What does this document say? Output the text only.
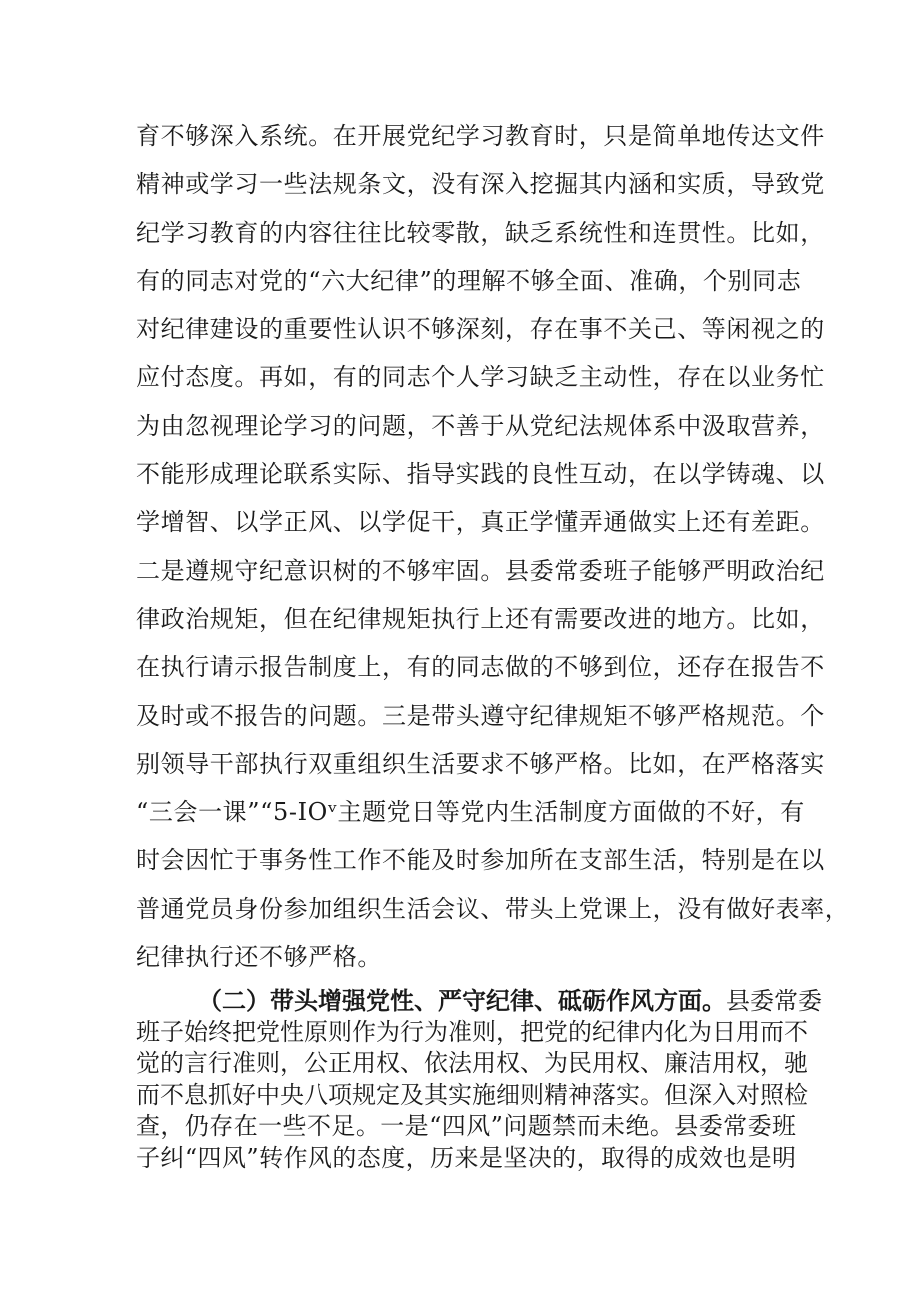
育不够深入系统。在开展党纪学习教育时，只是简单地传达文件
精神或学习一些法规条文，没有深入挖掘其内涵和实质，导致党
纪学习教育的内容往往比较零散，缺乏系统性和连贯性。比如，
有的同志对党的“六大纪律”的理解不够全面、准确，个别同志
对纪律建设的重要性认识不够深刻，存在事不关己、等闲视之的
应付态度。再如，有的同志个人学习缺乏主动性，存在以业务忙
为由忽视理论学习的问题，不善于从党纪法规体系中汲取营养，
不能形成理论联系实际、指导实践的良性互动，在以学铸魂、以
学增智、以学正风、以学促干，真正学懂弄通做实上还有差距。
二是遵规守纪意识树的不够牢固。县委常委班子能够严明政治纪
律政治规矩，但在纪律规矩执行上还有需要改进的地方。比如，
在执行请示报告制度上，有的同志做的不够到位，还存在报告不
及时或不报告的问题。三是带头遵守纪律规矩不够严格规范。个
别领导干部执行双重组织生活要求不够严格。比如，在严格落实
“三会一课”“5-IOᵛ主题党日等党内生活制度方面做的不好，有
时会因忙于事务性工作不能及时参加所在支部生活，特别是在以
普通党员身份参加组织生活会议、带头上党课上，没有做好表率，
纪律执行还不够严格。
（二）带头增强党性、严守纪律、砥砺作风方面。县委常委
班子始终把党性原则作为行为准则，把党的纪律内化为日用而不
觉的言行准则，公正用权、依法用权、为民用权、廉洁用权，驰
而不息抓好中央八项规定及其实施细则精神落实。但深入对照检
查，仍存在一些不足。一是“四风”问题禁而未绝。县委常委班
子纠“四风”转作风的态度，历来是坚决的，取得的成效也是明
